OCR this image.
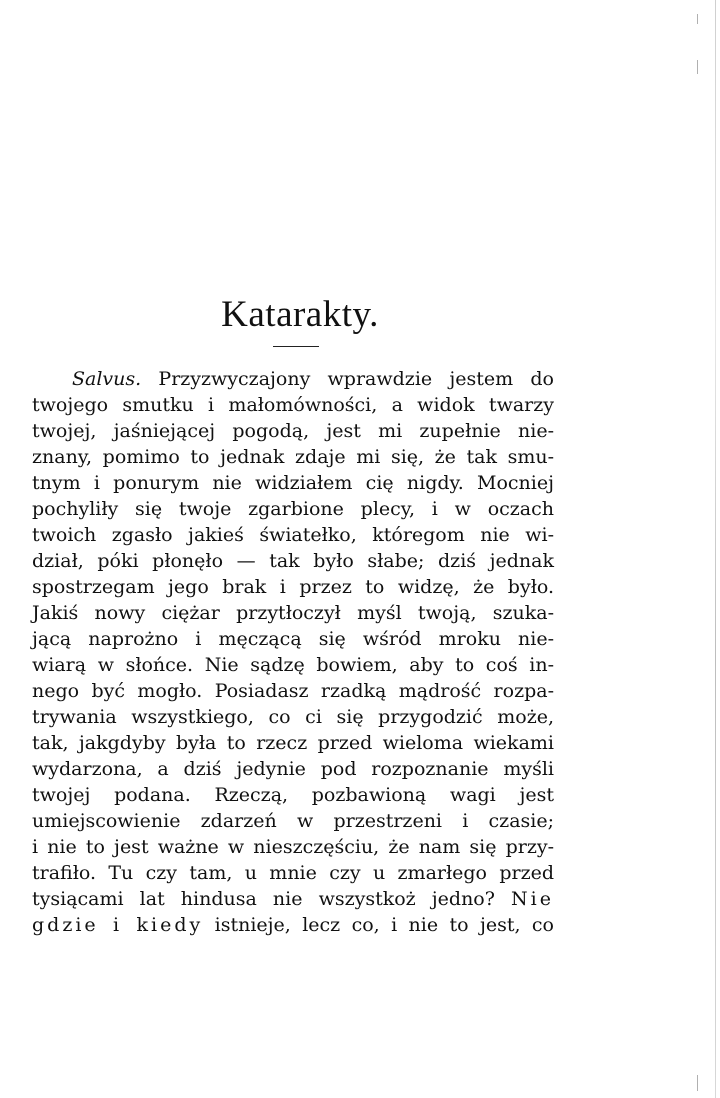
Katarakty.
Salvus. Przyzwyczajony wprawdzie jestem do
twojego smutku i małomówności, a widok twarzy
twojej, jaśniejącej pogodą, jest mi zupełnie nie-
znany, pomimo to jednak zdaje mi się, że tak smu-
tnym i ponurym nie widziałem cię nigdy. Mocniej
pochyliły się twoje zgarbione plecy, i w oczach
twoich zgasło jakieś światełko, któregom nie wi-
dział, póki płonęło — tak było słabe; dziś jednak
spostrzegam jego brak i przez to widzę, że było.
Jakiś nowy ciężar przytłoczył myśl twoją, szuka-
jącą naprożno i męczącą się wśród mroku nie-
wiarą w słońce. Nie sądzę bowiem, aby to coś in-
nego być mogło. Posiadasz rzadką mądrość rozpa-
trywania wszystkiego, co ci się przygodzić może,
tak, jakgdyby była to rzecz przed wieloma wiekami
wydarzona, a dziś jedynie pod rozpoznanie myśli
twojej podana. Rzeczą, pozbawioną wagi jest
umiejscowienie zdarzeń w przestrzeni i czasie;
i nie to jest ważne w nieszczęściu, że nam się przy-
trafiło. Tu czy tam, u mnie czy u zmarłego przed
tysiącami lat hindusa nie wszystkoż jedno? Nie
gdzie i kiedy istnieje, lecz co, i nie to jest, co
